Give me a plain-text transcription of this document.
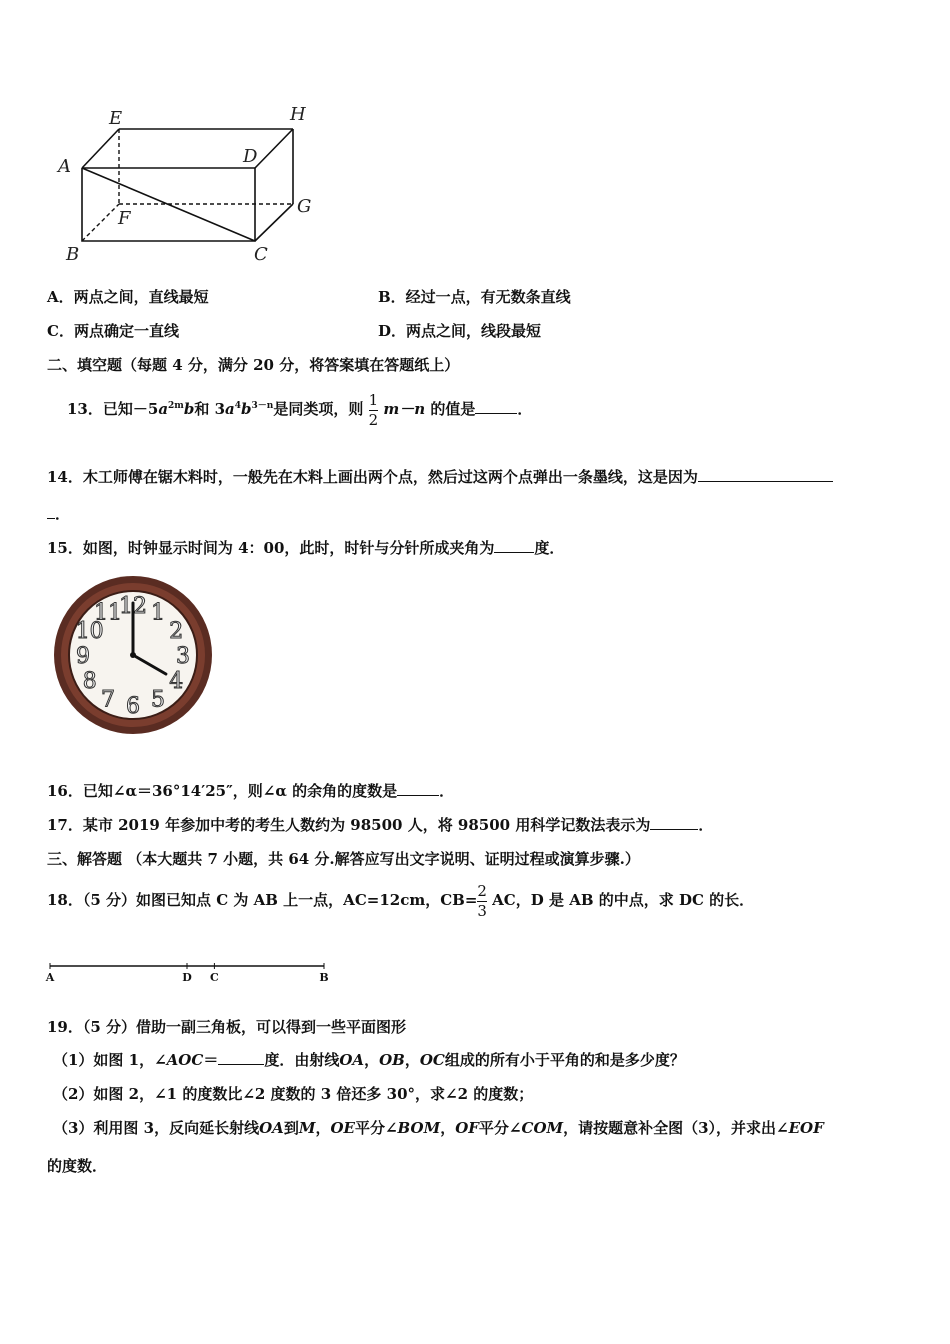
E	H
A	D
F
G
B	C
A．两点之间，直线最短	B．经过一点，有无数条直线
C．两点确定一直线	D．两点之间，线段最短
二、填空题（每题 4 分，满分 20 分，将答案填在答题纸上）
13．已知$-5a^{2m}b$和 $3a^4b^{3-n}$是同类项，则 $\frac{1}{2} m-n$ 的值是	．
14．木工师傅在锯木料时，一般先在木料上画出两个点，然后过这两个点弹出一条墨线，这是因为
．
15．如图，时钟显示时间为 4：00，此时，时针与分针所成夹角为	度．
12 1
2
3
4
5
6
7
8
9
10
11
16．已知∠α＝36°14′25″，则∠α 的余角的度数是	．
17．某市 2019 年参加中考的考生人数约为 98500 人，将 98500 用科学记数法表示为	．
三、解答题 （本大题共 7 小题，共 64 分.解答应写出文字说明、证明过程或演算步骤.）
18．（5 分）如图已知点 C 为 AB 上一点，AC=12cm，$CB= \frac{2}{3}$ AC，D 是 AB 的中点，求 DC 的长．
A	D C	B
19．（5 分）借助一副三角板，可以得到一些平面图形
（1）如图 1，∠AOC＝	度．由射线OA，OB，OC组成的所有小于平角的和是多少度？
（2）如图 2，∠1 的度数比∠2 度数的 3 倍还多 30°，求∠2 的度数；
（3）利用图 3，反向延长射线OA到M，OE平分∠BOM，OF平分∠COM，请按题意补全图（3），并求出∠EOF
的度数．
